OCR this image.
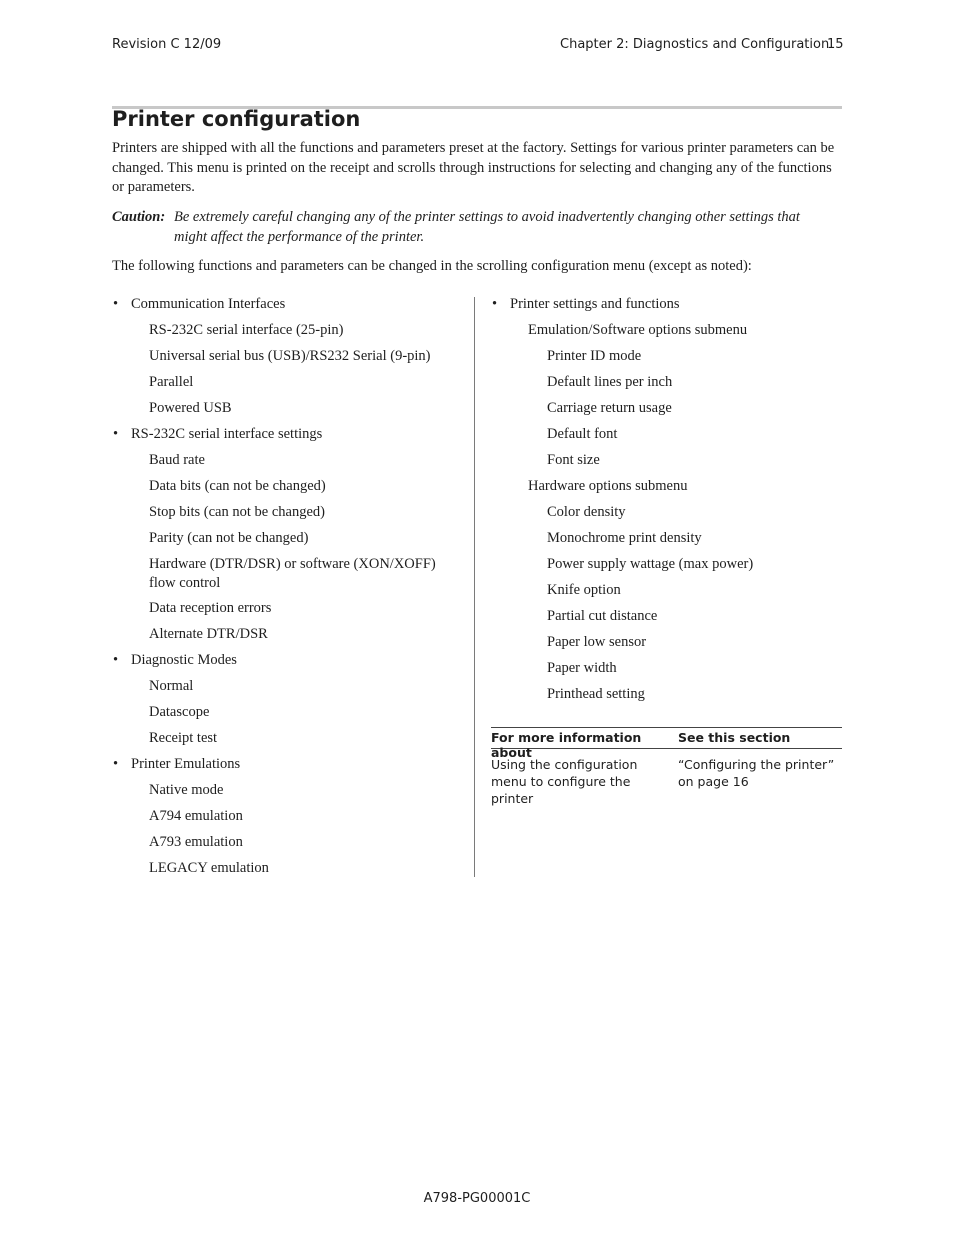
Revision C 12/09	Chapter 2: Diagnostics and Configuration
15
Printer configuration

Printers are shipped with all the functions and parameters preset at the factory. Settings for various printer parameters can be changed. This menu is printed on the receipt and scrolls through instructions for selecting and changing any of the functions or parameters.

Caution: Be extremely careful changing any of the printer settings to avoid inadvertently changing other settings that might affect the performance of the printer.

The following functions and parameters can be changed in the scrolling configuration menu (except as noted):

• Communication Interfaces
RS-232C serial interface (25-pin)
Universal serial bus (USB)/RS232 Serial (9-pin)
Parallel
Powered USB
• RS-232C serial interface settings
Baud rate
Data bits (can not be changed)
Stop bits (can not be changed)
Parity (can not be changed)
Hardware (DTR/DSR) or software (XON/XOFF) flow control
Data reception errors
Alternate DTR/DSR
• Diagnostic Modes
Normal
Datascope
Receipt test
• Printer Emulations
Native mode
A794 emulation
A793 emulation
LEGACY emulation
• Printer settings and functions
Emulation/Software options submenu
Printer ID mode
Default lines per inch
Carriage return usage
Default font
Font size
Hardware options submenu
Color density
Monochrome print density
Power supply wattage (max power)
Knife option
Partial cut distance
Paper low sensor
Paper width
Printhead setting
For more information about
See this section
Using the configuration menu to configure the printer
“Configuring the printer” on page 16
A798-PG00001C
